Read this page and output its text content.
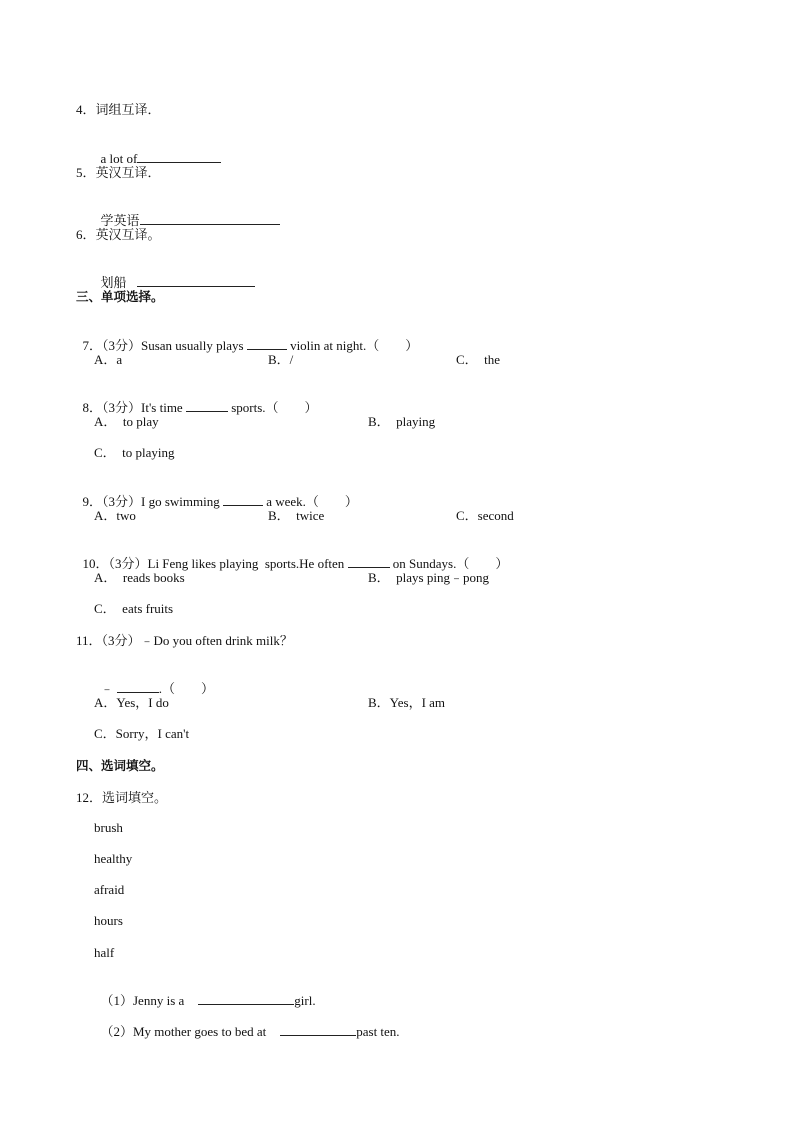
4．词组互译．

a lot of

5．英汉互译．

学英语

6．英汉互译。

划船

三、单项选择。

7．（3分）Susan usually plays	violin at night.（　　）

A．a	B．/	C．  the

8．（3分）It's time	sports.（　　）

A．  to play	B．  playing
C．  to playing

9．（3分）I go swimming	a week.（　　）

A．two	B．  twice	C．second

10．（3分）Li Feng likes playing  sports.He often	on Sundays.（　　）

A．  reads books	B．  plays ping﹣pong
C．  eats fruits
11．（3分）﹣Do you often drink milk？

﹣	.（　　）

A．Yes，I do	B．Yes，I am
C．Sorry，I can't
四、选词填空。
12．选词填空。
brush
healthy
afraid
hours
half

（1）Jenny is a	girl.

（2）My mother goes to bed at	past ten.
